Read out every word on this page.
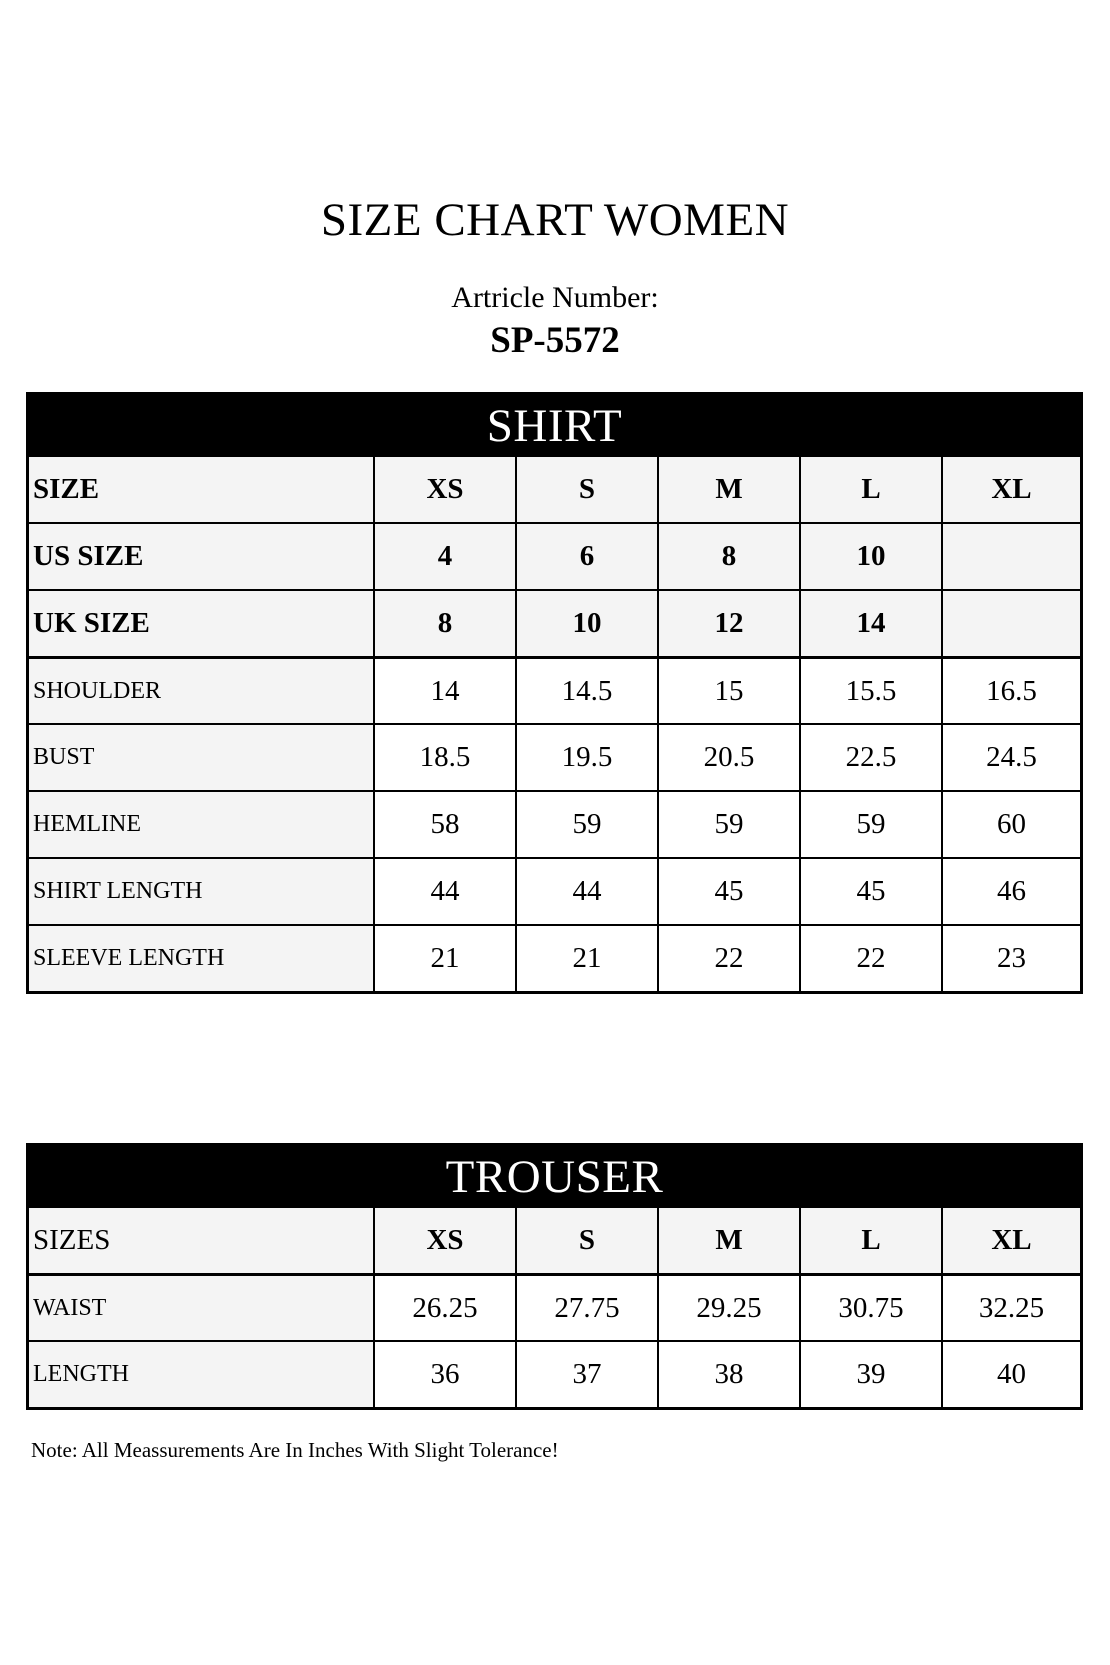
SIZE CHART WOMEN
Artricle Number:
SP-5572
SHIRT
SIZE	XS	S	M	L	XL
US SIZE	4	6	8	10
UK SIZE	8	10	12	14
SHOULDER	14	14.5	15	15.5	16.5
BUST	18.5	19.5	20.5	22.5	24.5
HEMLINE	58	59	59	59	60
SHIRT LENGTH	44	44	45	45	46
SLEEVE LENGTH	21	21	22	22	23
TROUSER
SIZES	XS	S	M	L	XL
WAIST	26.25	27.75	29.25	30.75	32.25
LENGTH	36	37	38	39	40
Note: All Meassurements Are In Inches With Slight Tolerance!
